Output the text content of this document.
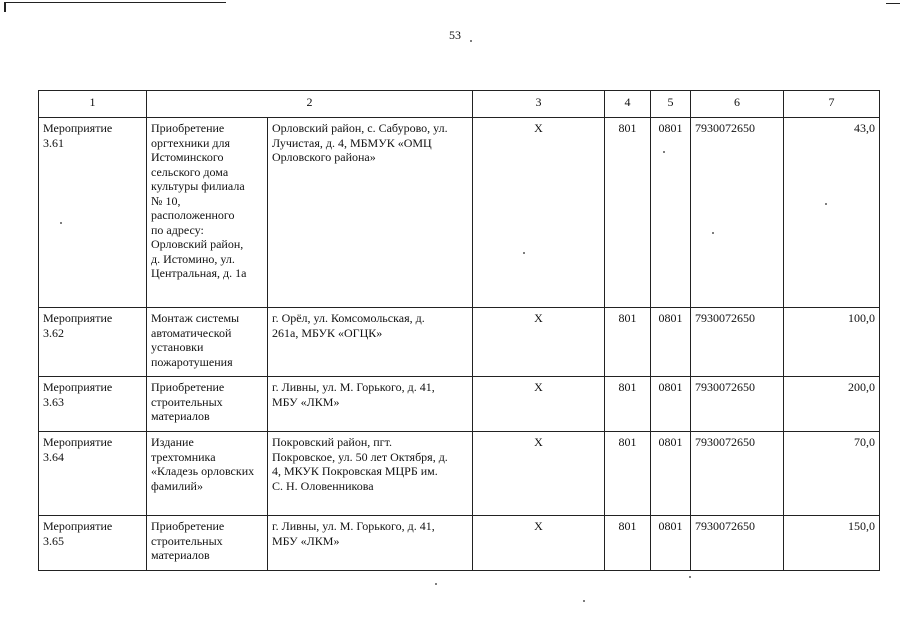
53
1	2		3	4	5	6	7
Мероприятие 3.61	Приобретение оргтехники для Истоминского сельского дома культуры филиала № 10, расположенного по адресу: Орловский район, д. Истомино, ул. Центральная, д. 1а	Орловский район, с. Сабурово, ул. Лучистая, д. 4, МБМУК «ОМЦ Орловского района»	X	801	0801	7930072650	43,0
Мероприятие 3.62	Монтаж системы автоматической установки пожаротушения	г. Орёл, ул. Комсомольская, д. 261а, МБУК «ОГЦК»	X	801	0801	7930072650	100,0
Мероприятие 3.63	Приобретение строительных материалов	г. Ливны, ул. М. Горького, д. 41, МБУ «ЛКМ»	X	801	0801	7930072650	200,0
Мероприятие 3.64	Издание трехтомника «Кладезь орловских фамилий»	Покровский район, пгт. Покровское, ул. 50 лет Октября, д. 4, МКУК Покровская МЦРБ им. С. Н. Оловенникова	X	801	0801	7930072650	70,0
Мероприятие 3.65	Приобретение строительных материалов	г. Ливны, ул. М. Горького, д. 41, МБУ «ЛКМ»	X	801	0801	7930072650	150,0
